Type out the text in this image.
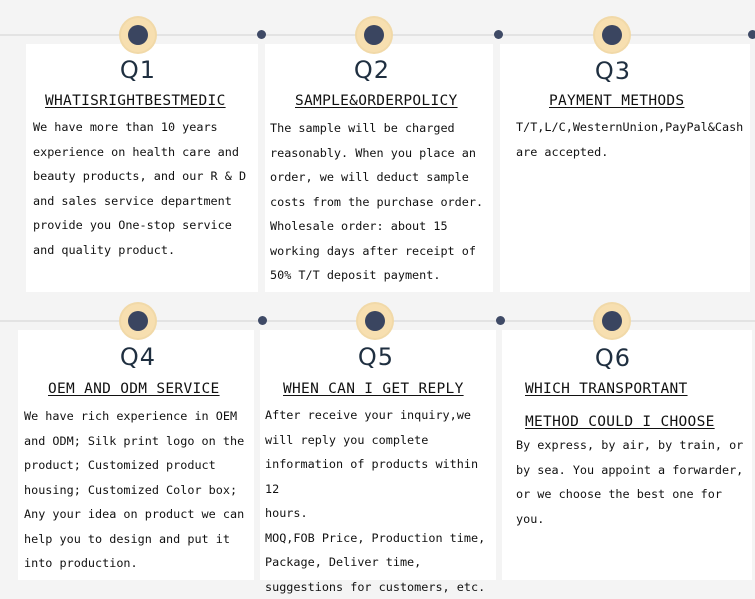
Q1	Q2	Q3
Q4	Q5	Q6
WHATISRIGHTBESTMEDIC	SAMPLE&ORDERPOLICY	PAYMENT METHODS
OEM AND ODM SERVICE	WHEN CAN I GET REPLY	WHICH TRANSPORTANT
METHOD COULD I CHOOSE
We have more than 10 years
experience on health care and
beauty products, and our R & D
and sales service department
provide you One-stop service
and quality product.
The sample will be charged
reasonably. When you place an
order, we will deduct sample
costs from the purchase order.
Wholesale order: about 15
working days after receipt of
50% T/T deposit payment.
T/T,L/C,WesternUnion,PayPal&Cash
are accepted.
We have rich experience in OEM
and ODM; Silk print logo on the
product; Customized product
housing; Customized Color box;
Any your idea on product we can
help you to design and put it
into production.
After receive your inquiry,we
will reply you complete
information of products within 12
hours.
MOQ,FOB Price, Production time,
Package, Deliver time,
suggestions for customers, etc.
By express, by air, by train, or
by sea. You appoint a forwarder,
or we choose the best one for
you.
